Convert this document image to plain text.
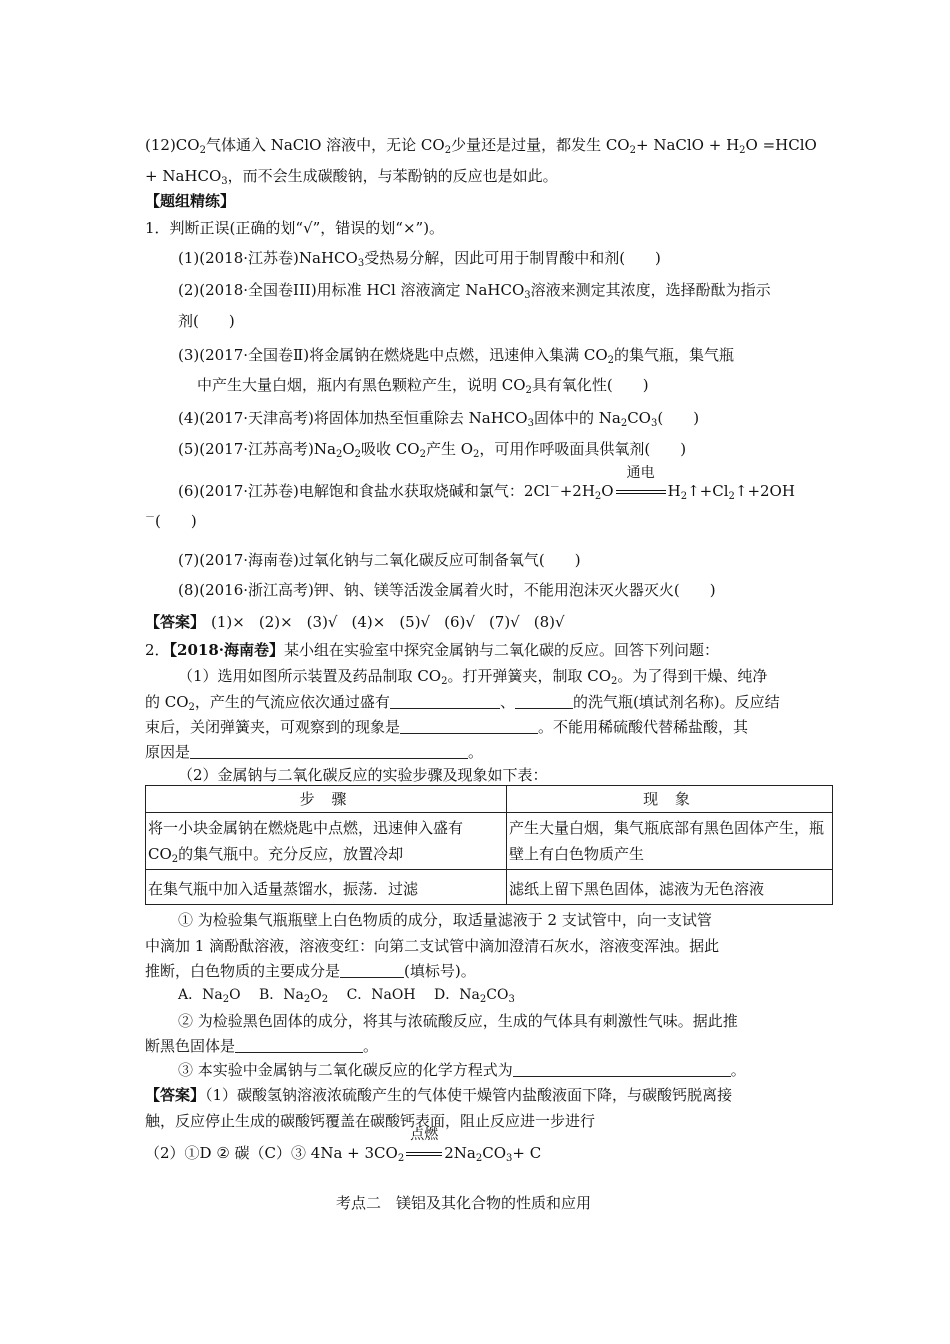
$(12)CO_2$气体通入 NaClO 溶液中，无论 $CO_2$少量还是过量，都发生 $CO_2+$ NaClO + $H_2O$ =HClO
+ NaHCO$_3$，而不会生成碳酸钠，与苯酚钠的反应也是如此。
【题组精练】
1．判断正误(正确的划“√”，错误的划“×”)。
(1)(2018·江苏卷)NaHCO$_3$受热易分解，因此可用于制胃酸中和剂(　　)
(2)(2018·全国卷III)用标准 HCl 溶液滴定 NaHCO$_3$溶液来测定其浓度，选择酚酞为指示
剂(　　)
(3)(2017·全国卷Ⅱ)将金属钠在燃烧匙中点燃，迅速伸入集满 $CO_2$的集气瓶，集气瓶
中产生大量白烟，瓶内有黑色颗粒产生，说明 $CO_2$具有氧化性(　　)
(4)(2017·天津高考)将固体加热至恒重除去 NaHCO$_3$固体中的 $Na_2CO_3$(　　)
(5)(2017·江苏高考)$Na_2O_2$吸收 $CO_2$产生 $O_2$，可用作呼吸面具供氧剂(　　)
(6)(2017·江苏卷)电解饱和食盐水获取烧碱和氯气：$2Cl^-+2H_2O$
通电
$H_2↑+Cl_2↑+2OH$
－(　　)
(7)(2017·海南卷)过氧化钠与二氧化碳反应可制备氧气(　　)
(8)(2016·浙江高考)钾、钠、镁等活泼金属着火时，不能用泡沫灭火器灭火(　　)
【答案】 (1)× (2)× (3)√ (4)× (5)√ (6)√ (7)√ (8)√
2．【2018·海南卷】某小组在实验室中探究金属钠与二氧化碳的反应。回答下列问题：
（1）选用如图所示装置及药品制取 $CO_2$。打开弹簧夹，制取 $CO_2$。为了得到干燥、纯净
的 $CO_2$，产生的气流应依次通过盛有	、	的洗气瓶(填试剂名称)。反应结
束后，关闭弹簧夹，可观察到的现象是	。不能用稀硫酸代替稀盐酸，其
原因是	。
（2）金属钠与二氧化碳反应的实验步骤及现象如下表：
步 骤	现 象
将一小块金属钠在燃烧匙中点燃，迅速伸入盛有
$CO_2$的集气瓶中。充分反应，放置冷却	产生大量白烟，集气瓶底部有黑色固体产生，瓶壁上有白色物质产生
在集气瓶中加入适量蒸馏水，振荡．过滤	滤纸上留下黑色固体，滤液为无色溶液
① 为检验集气瓶瓶壁上白色物质的成分，取适量滤液于 2 支试管中，向一支试管
中滴加 1 滴酚酞溶液，溶液变红：向第二支试管中滴加澄清石灰水，溶液变浑浊。据此
推断，白色物质的主要成分是	(填标号)。
A．$Na_2O$　 B．$Na_2O_2$　 C．NaOH　 D．$Na_2CO_3$
② 为检验黑色固体的成分，将其与浓硫酸反应，生成的气体具有刺激性气味。据此推
断黑色固体是	。
③ 本实验中金属钠与二氧化碳反应的化学方程式为	。
【答案】（1）碳酸氢钠溶液浓硫酸产生的气体使干燥管内盐酸液面下降，与碳酸钙脱离接
触，反应停止生成的碳酸钙覆盖在碳酸钙表面，阻止反应进一步进行
（2）①D ② 碳（C）③ $4Na + 3CO_2$
点燃
$2Na_2CO_3+ C$
考点二　镁铝及其化合物的性质和应用
